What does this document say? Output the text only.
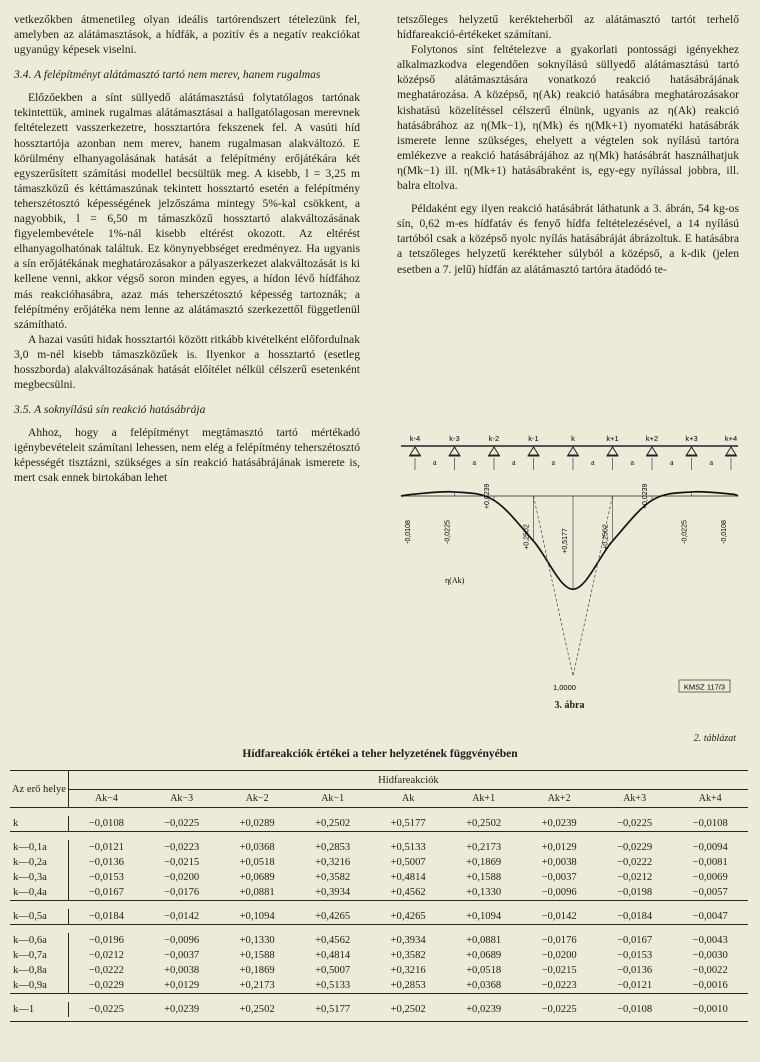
vetkezőkben átmenetileg olyan ideális tartórendszert tételezünk fel, amelyben az alátámasztások, a hídfák, a pozitív és a negatív reakciókat ugyanúgy képesek viselni.

3.4. A felépítményt alátámasztó tartó nem merev, hanem rugalmas

Előzőekben a sínt süllyedő alátámasztású folytatólagos tartónak tekintettük, aminek rugalmas alátámasztásai a hallgatólagosan merevnek feltételezett vasszerkezetre, hossztartóra fekszenek fel. A vasúti híd hossztartója azonban nem merev, hanem rugalmasan alakváltozó. E körülmény elhanyagolásának hatását a felépítmény erőjátékára két egyszerűsített számítási modellel becsültük meg. A kisebb, l = 3,25 m támaszközű és kéttámaszúnak tekintett hossztartó esetén a felépítmény teherszétosztó képességének jelzőszáma mintegy 5%-kal csökkent, a nagyobbik, l = 6,50 m támaszközű hossztartó alakváltozásának figyelembevétele 1%-nál kisebb eltérést okozott. Az eltérést elhanyagolhatónak találtuk. Ez könynyebbséget eredményez. Ha ugyanis a sín erőjátékának meghatározásakor a pályaszerkezet alakváltozását is ki kellene venni, akkor végső soron minden egyes, a hídon lévő hídfához más reakcióhasábra, azaz más teherszétosztó képesség tartoznák; a felépítmény erőjátéka nem lenne az alátámasztó szerkezettől függetlenül számítható.

A hazai vasúti hidak hossztartói között ritkább kivételként előfordulnak 3,0 m-nél kisebb támaszközűek is. Ilyenkor a hossztartó (esetleg hosszborda) alakváltozásának hatását előítélet nélkül célszerű esetenként megbecsülni.

3.5. A soknyílású sín reakció hatásábrája

Ahhoz, hogy a felépítményt megtámasztó tartó mértékadó igénybevételeit számítani lehessen, nem elég a felépítmény teherszétosztó képességét tisztázni, szükséges a sín reakció hatásábrájának ismerete is, mert csak ennek birtokában lehet

tetszőleges helyzetű kerékteherből az alátámasztó tartót terhelő hídfareakció-értékeket számítani.

Folytonos sínt feltételezve a gyakorlati pontossági igényekhez alkalmazkodva elegendően soknyílású süllyedő alátámasztású tartó középső alátámasztására vonatkozó reakció hatásábrájának meghatározása. A középső, η(Ak) reakció hatásábra meghatározásakor kishatású közelítéssel célszerű élnünk, ugyanis az η(Ak) reakció hatásábrához az η(Mk−1), η(Mk) és η(Mk+1) nyomatéki hatásábrák ismerete lenne szükséges, ehelyett a végtelen sok nyílású tartóra emlékezve a reakció hatásábrájához az η(Mk) hatásábrát használhatjuk η(Mk−1) ill. η(Mk+1) hatásábraként is, egy-egy nyílással jobbra, ill. balra eltolva.

Példaként egy ilyen reakció hatásábrát láthatunk a 3. ábrán, 54 kg-os sín, 0,62 m-es hídfatáv és fenyő hídfa feltételezésével, a 14 nyílású tartóból csak a középső nyolc nyílás hatásábráját ábrázoltuk. E hatásábra a tetszőleges helyzetű kerékteher súlyból a középső, a k-dik (jelen esetben a 7. jelű) hídfán az alátámasztó tartóra átadódó te-

k-4	k-3	k-2	k-1	k	k+1	k+2	k+3	k+4
a	a	a	a	a	a	a	a
-0,0108	-0,0225
+0,0239
+0,2502	+0,5177	+0,2502
+0,0239
-0,0225	-0,0108
η(Ak)
1,0000	KMSZ 117/3
3. ábra
2. táblázat
Hídfareakciók értékei a teher helyzetének függvényében
Az erő helye	Hídfareakciók								
	Ak−4	Ak−3	Ak−2	Ak−1	Ak	Ak+1	Ak+2	Ak+3	Ak+4

k	−0,0108	−0,0225	+0,0289	+0,2502	+0,5177	+0,2502	+0,0239	−0,0225	−0,0108

k—0,1a	−0,0121	−0,0223	+0,0368	+0,2853	+0,5133	+0,2173	+0,0129	−0,0229	−0,0094
k—0,2a	−0,0136	−0,0215	+0,0518	+0,3216	+0,5007	+0,1869	+0,0038	−0,0222	−0,0081
k—0,3a	−0,0153	−0,0200	+0,0689	+0,3582	+0,4814	+0,1588	−0,0037	−0,0212	−0,0069
k—0,4a	−0,0167	−0,0176	+0,0881	+0,3934	+0,4562	+0,1330	−0,0096	−0,0198	−0,0057

k—0,5a	−0,0184	−0,0142	+0,1094	+0,4265	+0,4265	+0,1094	−0,0142	−0,0184	−0,0047

k—0,6a	−0,0196	−0,0096	+0,1330	+0,4562	+0,3934	+0,0881	−0,0176	−0,0167	−0,0043
k—0,7a	−0,0212	−0,0037	+0,1588	+0,4814	+0,3582	+0,0689	−0,0200	−0,0153	−0,0030
k—0,8a	−0,0222	+0,0038	+0,1869	+0,5007	+0,3216	+0,0518	−0,0215	−0,0136	−0,0022
k—0,9a	−0,0229	+0,0129	+0,2173	+0,5133	+0,2853	+0,0368	−0,0223	−0,0121	−0,0016

k—1	−0,0225	+0,0239	+0,2502	+0,5177	+0,2502	+0,0239	−0,0225	−0,0108	−0,0010
